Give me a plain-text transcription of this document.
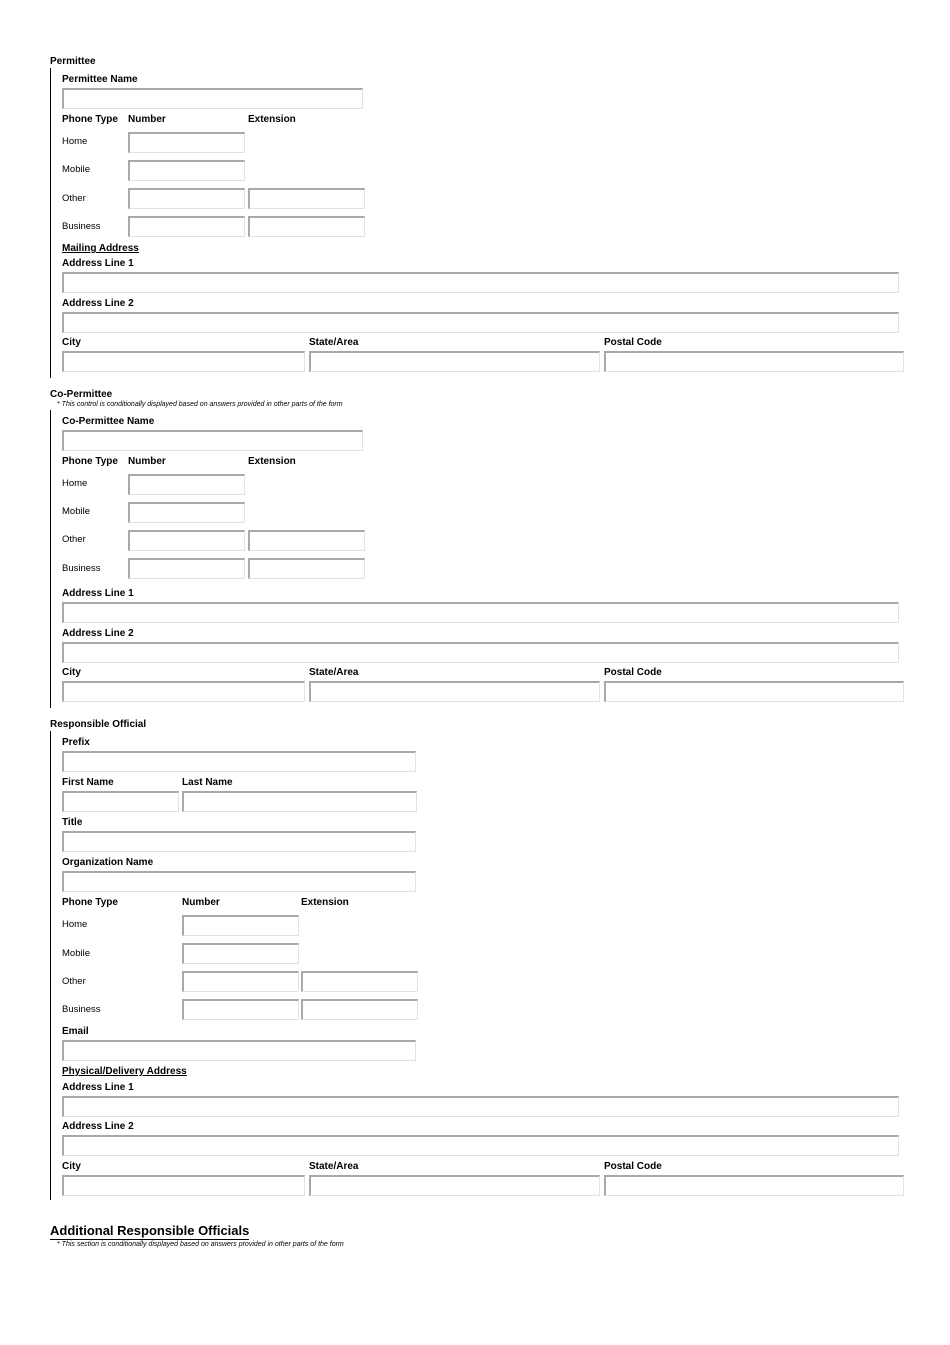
Permittee
Permittee Name
Phone Type Number	Extension
Home
Mobile
Other
Business
Mailing Address
Address Line 1
Address Line 2
City	State/Area	Postal Code
Co-Permittee
* This control is conditionally displayed based on answers provided in other parts of the form
Co-Permittee Name
Phone Type Number	Extension
Home
Mobile
Other
Business
Address Line 1
Address Line 2
City	State/Area	Postal Code
Responsible Official
Prefix
First Name	Last Name
Title
Organization Name
Phone Type	Number	Extension
Home
Mobile
Other
Business
Email
Physical/Delivery Address
Address Line 1
Address Line 2
City	State/Area	Postal Code
Additional Responsible Officials
* This section is conditionally displayed based on answers provided in other parts of the form
